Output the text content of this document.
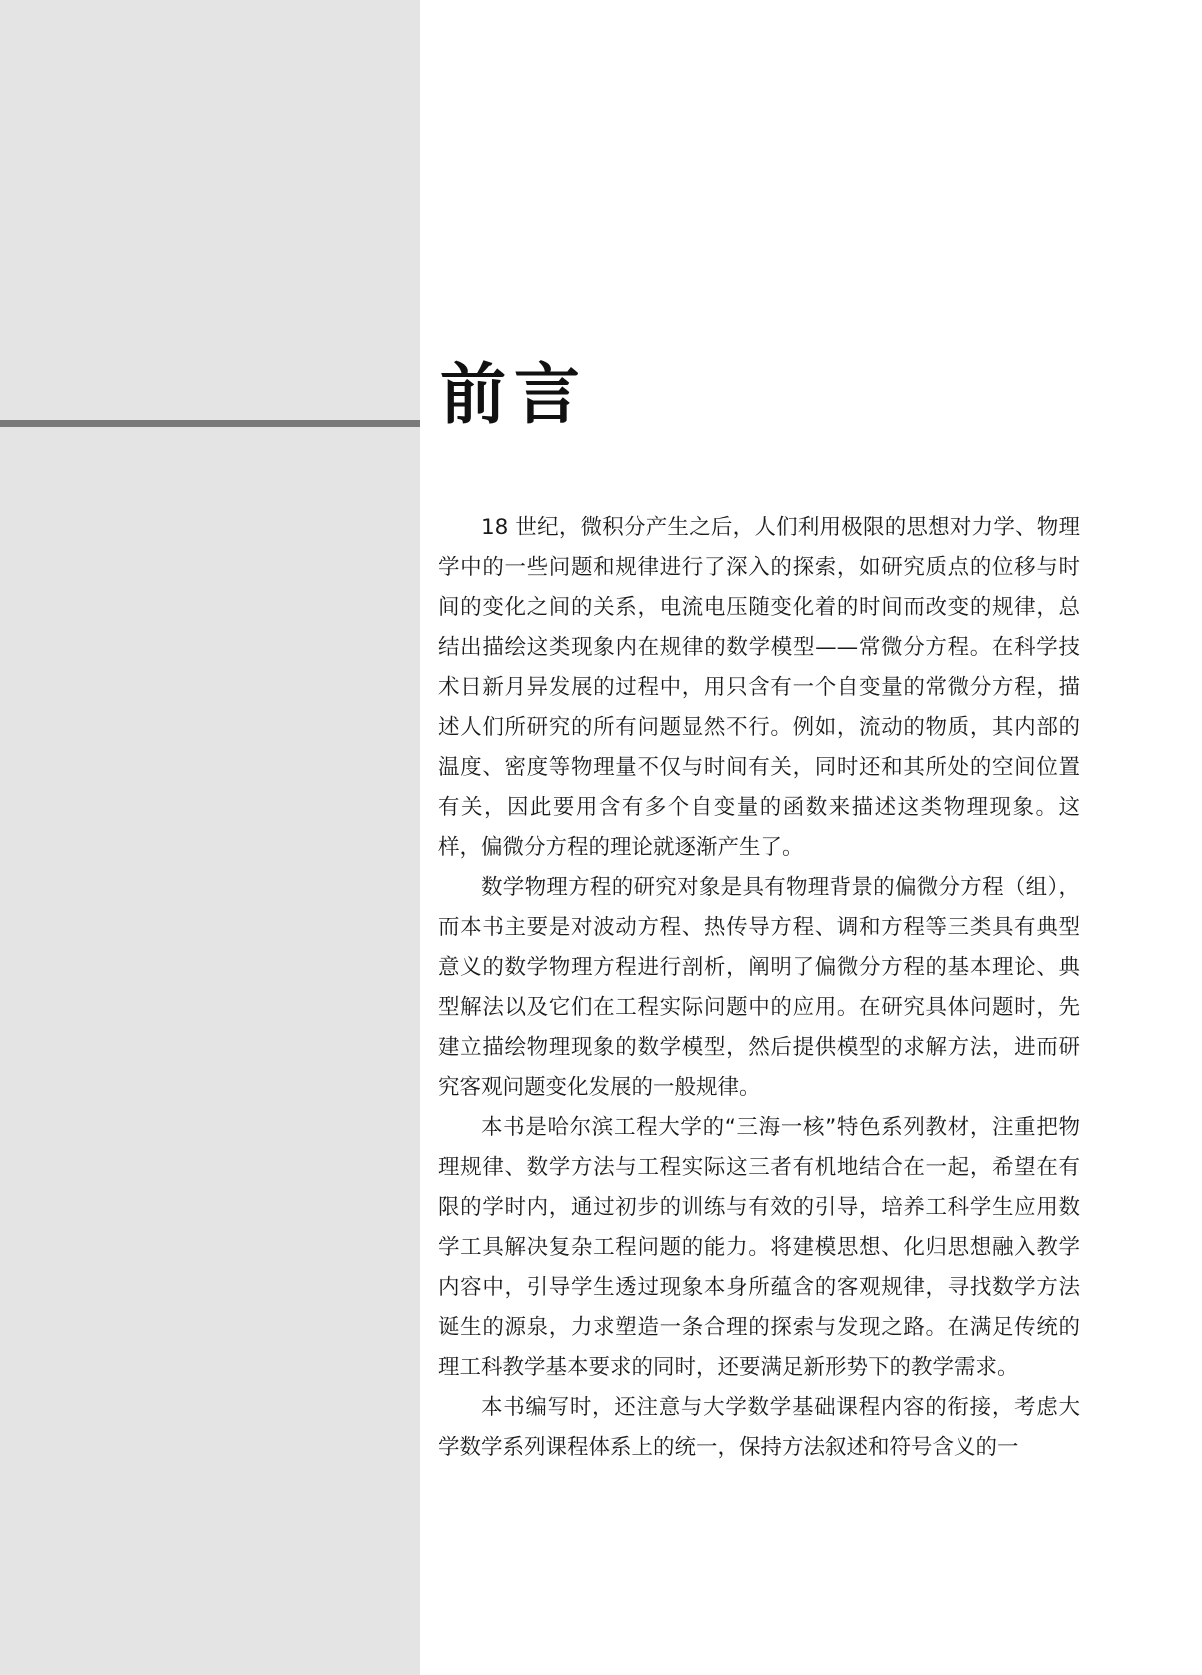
前言

18 世纪，微积分产生之后，人们利用极限的思想对力学、物理学中的一些问题和规律进行了深入的探索，如研究质点的位移与时间的变化之间的关系，电流电压随变化着的时间而改变的规律，总结出描绘这类现象内在规律的数学模型——常微分方程。在科学技术日新月异发展的过程中，用只含有一个自变量的常微分方程，描述人们所研究的所有问题显然不行。例如，流动的物质，其内部的温度、密度等物理量不仅与时间有关，同时还和其所处的空间位置有关，因此要用含有多个自变量的函数来描述这类物理现象。这样，偏微分方程的理论就逐渐产生了。

数学物理方程的研究对象是具有物理背景的偏微分方程（组），而本书主要是对波动方程、热传导方程、调和方程等三类具有典型意义的数学物理方程进行剖析，阐明了偏微分方程的基本理论、典型解法以及它们在工程实际问题中的应用。在研究具体问题时，先建立描绘物理现象的数学模型，然后提供模型的求解方法，进而研究客观问题变化发展的一般规律。

本书是哈尔滨工程大学的“三海一核”特色系列教材，注重把物理规律、数学方法与工程实际这三者有机地结合在一起，希望在有限的学时内，通过初步的训练与有效的引导，培养工科学生应用数学工具解决复杂工程问题的能力。将建模思想、化归思想融入教学内容中，引导学生透过现象本身所蕴含的客观规律，寻找数学方法诞生的源泉，力求塑造一条合理的探索与发现之路。在满足传统的理工科教学基本要求的同时，还要满足新形势下的教学需求。

本书编写时，还注意与大学数学基础课程内容的衔接，考虑大学数学系列课程体系上的统一，保持方法叙述和符号含义的一
